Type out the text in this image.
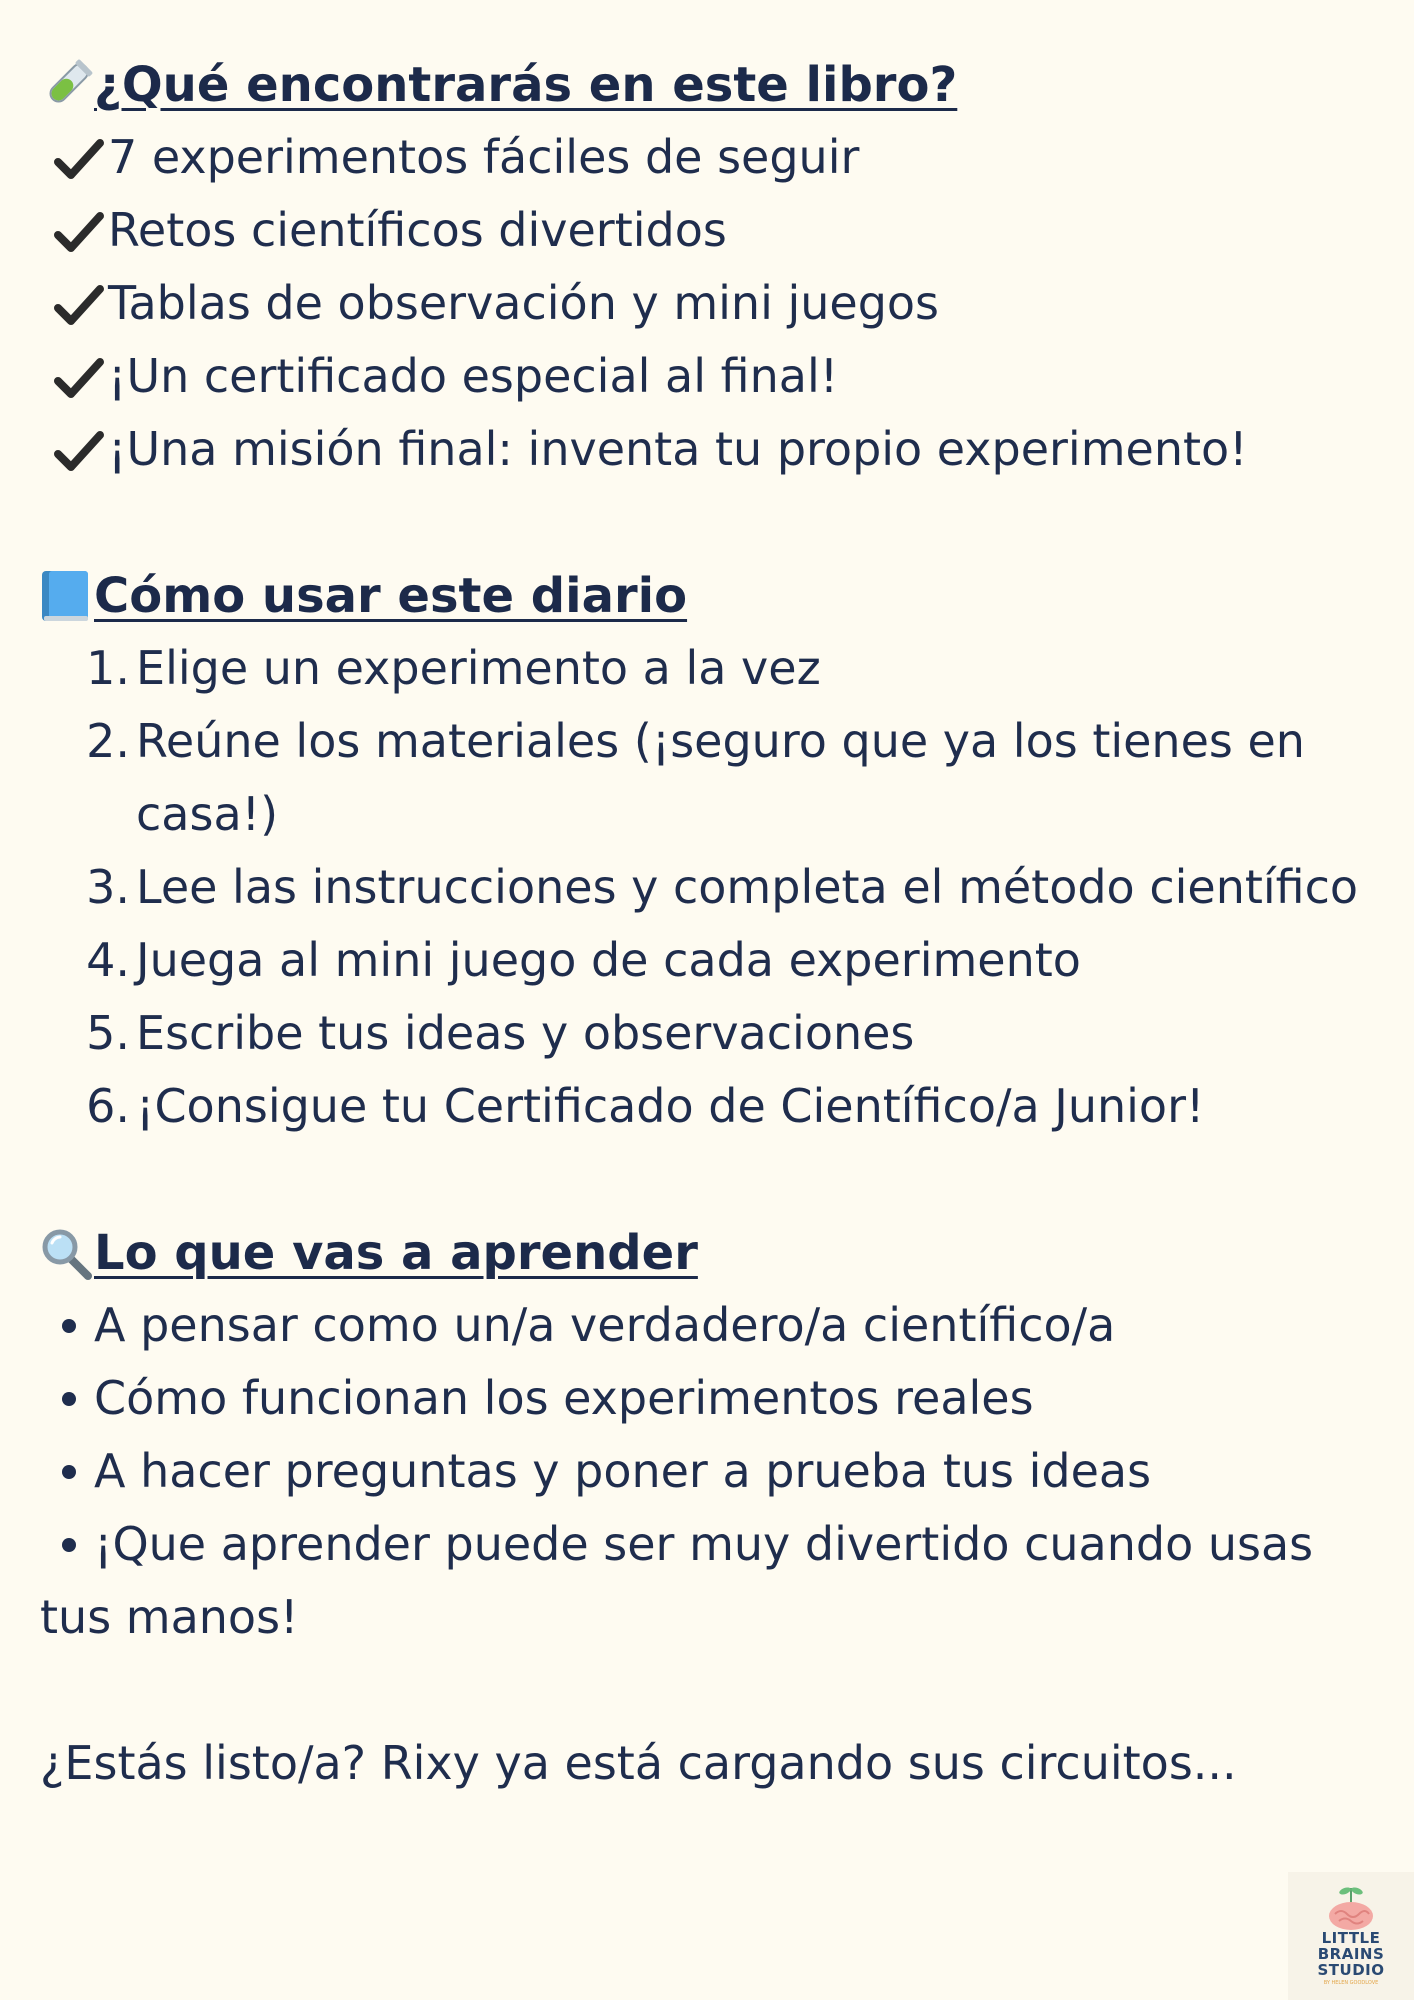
¿Qué encontrarás en este libro?
7 experimentos fáciles de seguir
Retos científicos divertidos
Tablas de observación y mini juegos
¡Un certificado especial al final!
¡Una misión final: inventa tu propio experimento!
Cómo usar este diario
1. Elige un experimento a la vez
2. Reúne los materiales (¡seguro que ya los tienes en
casa!)
3. Lee las instrucciones y completa el método científico
4. Juega al mini juego de cada experimento
5. Escribe tus ideas y observaciones
6. ¡Consigue tu Certificado de Científico/a Junior!
Lo que vas a aprender
A pensar como un/a verdadero/a científico/a
Cómo funcionan los experimentos reales
A hacer preguntas y poner a prueba tus ideas
¡Que aprender puede ser muy divertido cuando usas
tus manos!
¿Estás listo/a? Rixy ya está cargando sus circuitos...
LITTLE
BRAINS
STUDIO
BY HELEN GOODLOVE
